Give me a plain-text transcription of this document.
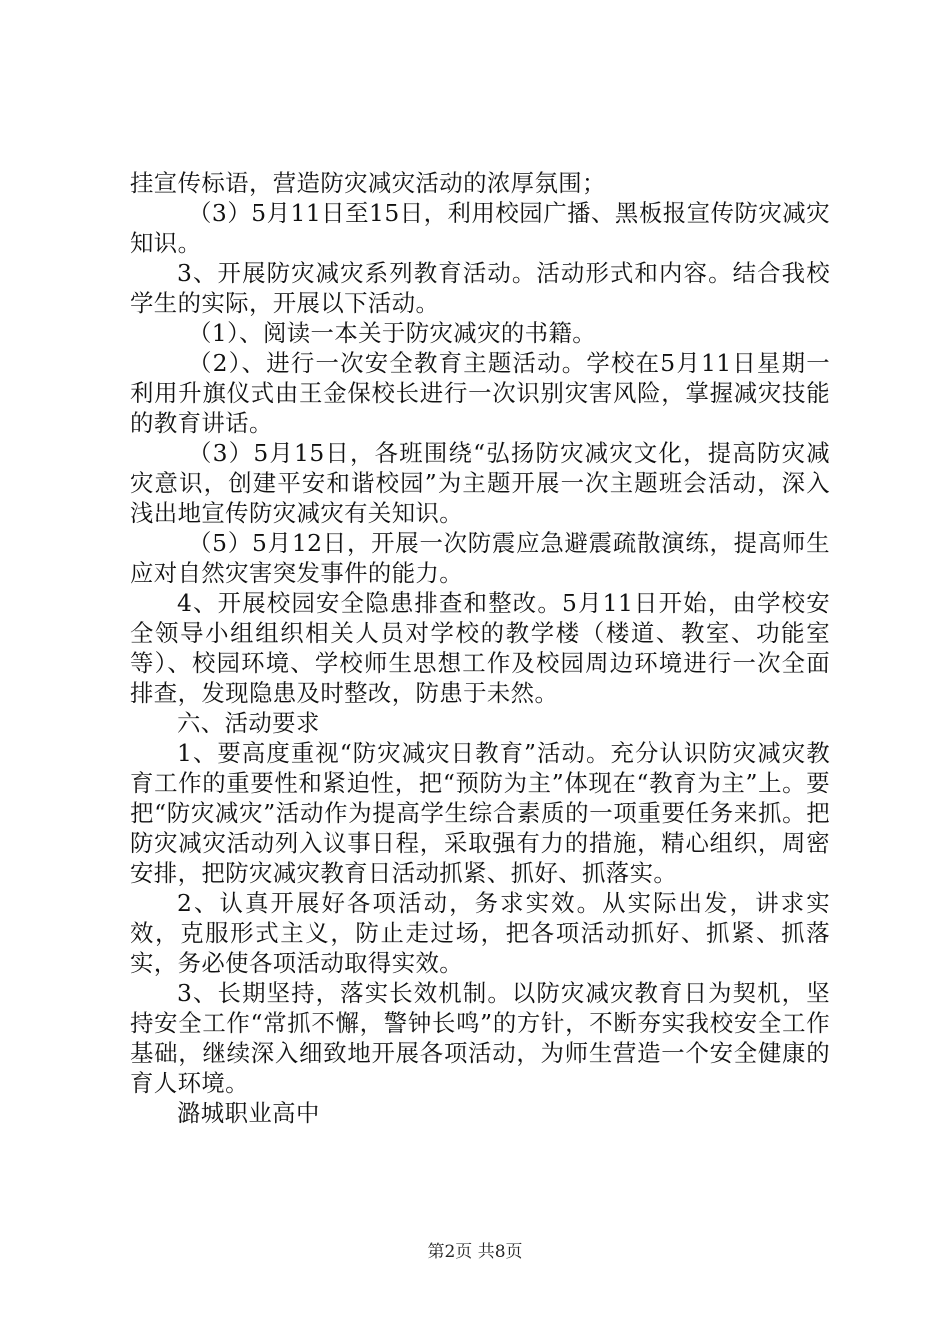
挂宣传标语，营造防灾减灾活动的浓厚氛围；

（3）5月11日至15日，利用校园广播、黑板报宣传防灾减灾知识。

3、开展防灾减灾系列教育活动。活动形式和内容。结合我校学生的实际，开展以下活动。

（1）、阅读一本关于防灾减灾的书籍。

（2）、进行一次安全教育主题活动。学校在5月11日星期一利用升旗仪式由王金保校长进行一次识别灾害风险，掌握减灾技能的教育讲话。

（3）5月15日，各班围绕“弘扬防灾减灾文化，提高防灾减灾意识，创建平安和谐校园”为主题开展一次主题班会活动，深入浅出地宣传防灾减灾有关知识。

（5）5月12日，开展一次防震应急避震疏散演练，提高师生应对自然灾害突发事件的能力。

4、开展校园安全隐患排查和整改。5月11日开始，由学校安全领导小组组织相关人员对学校的教学楼（楼道、教室、功能室等）、校园环境、学校师生思想工作及校园周边环境进行一次全面排查，发现隐患及时整改，防患于未然。

六、活动要求

1、要高度重视“防灾减灾日教育”活动。充分认识防灾减灾教育工作的重要性和紧迫性，把“预防为主”体现在“教育为主”上。要把“防灾减灾”活动作为提高学生综合素质的一项重要任务来抓。把防灾减灾活动列入议事日程，采取强有力的措施，精心组织，周密安排，把防灾减灾教育日活动抓紧、抓好、抓落实。

2、认真开展好各项活动，务求实效。从实际出发，讲求实效，克服形式主义，防止走过场，把各项活动抓好、抓紧、抓落实，务必使各项活动取得实效。

3、长期坚持，落实长效机制。以防灾减灾教育日为契机，坚持安全工作“常抓不懈，警钟长鸣”的方针，不断夯实我校安全工作基础，继续深入细致地开展各项活动，为师生营造一个安全健康的育人环境。

潞城职业高中

第2页 共8页
